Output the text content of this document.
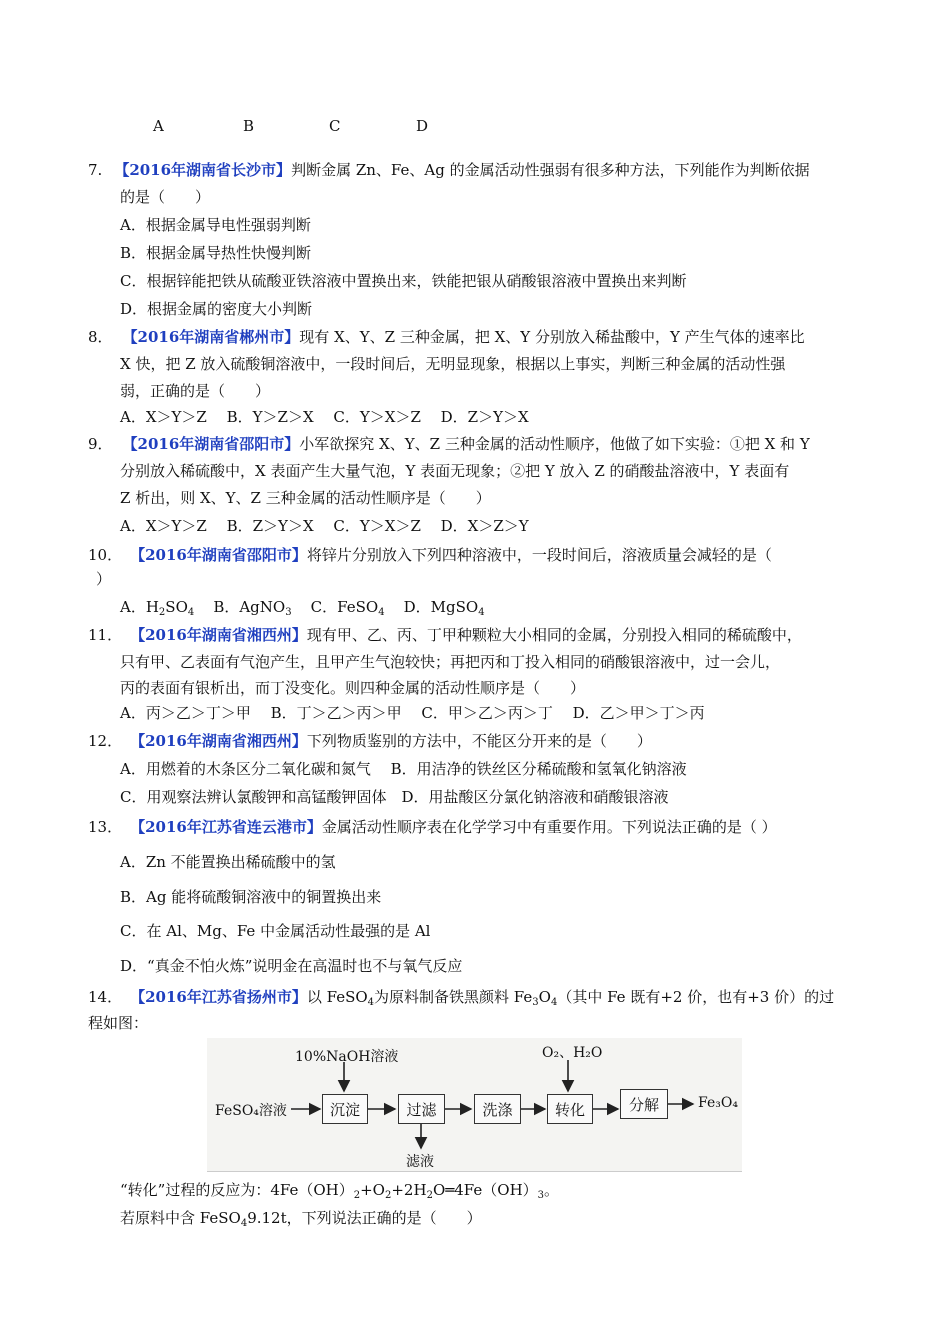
A	B	C	D
7. 【2016年湖南省长沙市】判断金属 Zn、Fe、Ag 的金属活动性强弱有很多种方法，下列能作为判断依据
的是（　　）
A．根据金属导电性强弱判断
B．根据金属导热性快慢判断
C．根据锌能把铁从硫酸亚铁溶液中置换出来，铁能把银从硝酸银溶液中置换出来判断
D．根据金属的密度大小判断
8． 【2016年湖南省郴州市】现有 X、Y、Z 三种金属，把 X、Y 分别放入稀盐酸中，Y 产生气体的速率比
X 快，把 Z 放入硫酸铜溶液中，一段时间后，无明显现象，根据以上事实，判断三种金属的活动性强
弱，正确的是（　　）
A．X＞Y＞Z　 B．Y＞Z＞X　 C．Y＞X＞Z　 D．Z＞Y＞X
9． 【2016年湖南省邵阳市】小军欲探究 X、Y、Z 三种金属的活动性顺序，他做了如下实验：①把 X 和 Y
分别放入稀硫酸中，X 表面产生大量气泡，Y 表面无现象；②把 Y 放入 Z 的硝酸盐溶液中，Y 表面有
Z 析出，则 X、Y、Z 三种金属的活动性顺序是（　　）
A．X＞Y＞Z　 B．Z＞Y＞X　 C．Y＞X＞Z　 D．X＞Z＞Y
10． 【2016年湖南省邵阳市】将锌片分别放入下列四种溶液中，一段时间后，溶液质量会减轻的是（
）
A．$H_2SO_4$ B．AgNO$_3$ C．FeSO$_4$ D．MgSO$_4$
11． 【2016年湖南省湘西州】现有甲、乙、丙、丁甲种颗粒大小相同的金属，分别投入相同的稀硫酸中，
只有甲、乙表面有气泡产生，且甲产生气泡较快；再把丙和丁投入相同的硝酸银溶液中，过一会儿，
丙的表面有银析出，而丁没变化。则四种金属的活动性顺序是（　　）
A．丙＞乙＞丁＞甲　 B．丁＞乙＞丙＞甲　 C．甲＞乙＞丙＞丁　 D．乙＞甲＞丁＞丙
12． 【2016年湖南省湘西州】下列物质鉴别的方法中，不能区分开来的是（　　）
A．用燃着的木条区分二氧化碳和氮气　 B．用洁净的铁丝区分稀硫酸和氢氧化钠溶液
C．用观察法辨认氯酸钾和高锰酸钾固体　D．用盐酸区分氯化钠溶液和硝酸银溶液
13． 【2016年江苏省连云港市】金属活动性顺序表在化学学习中有重要作用。下列说法正确的是（ ）
A．Zn 不能置换出稀硫酸中的氢
B．Ag 能将硫酸铜溶液中的铜置换出来
C．在 Al、Mg、Fe 中金属活动性最强的是 Al
D．“真金不怕火炼”说明金在高温时也不与氧气反应
14． 【2016年江苏省扬州市】以 FeSO$_4$为原料制备铁黑颜料 $Fe_3O_4$（其中 Fe 既有+2 价，也有+3 价）的过
程如图：
10%NaOH溶液	O₂、H₂O
FeSO₄溶液	沉淀	过滤	洗涤	转化	分解	Fe₃O₄
滤液
“转化”过程的反应为：$4Fe(OH)_2+O_2+2H_2O═4Fe(OH)_3$。
若原料中含 FeSO$_4$9.12t，下列说法正确的是（　　）
